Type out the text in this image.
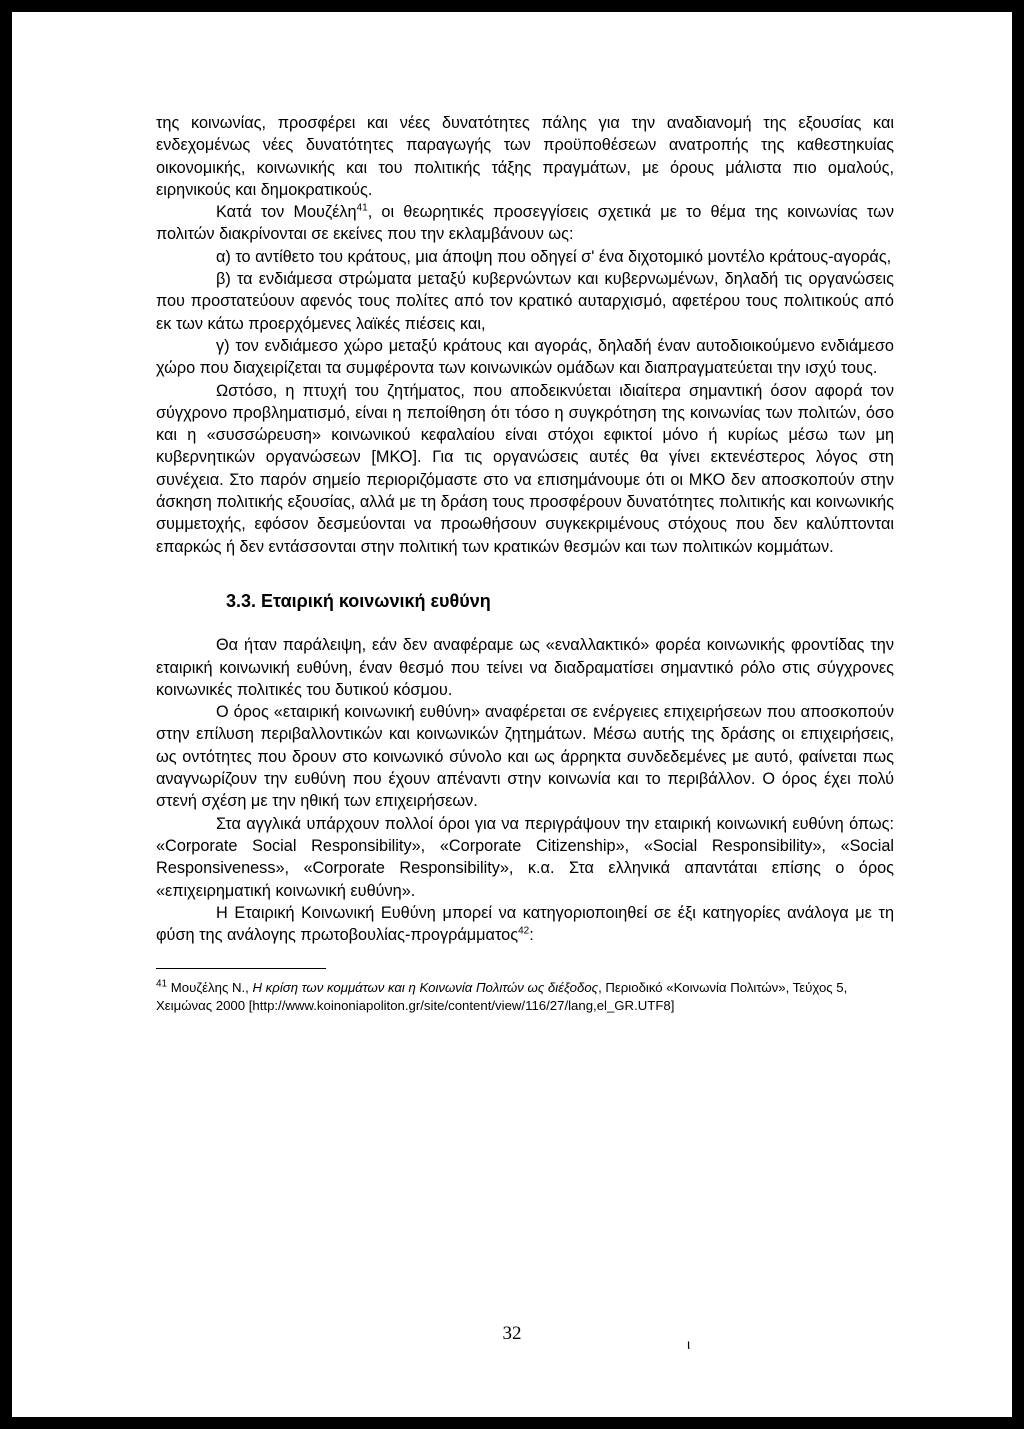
της κοινωνίας, προσφέρει και νέες δυνατότητες πάλης για την αναδιανομή της εξουσίας και ενδεχομένως νέες δυνατότητες παραγωγής των προϋποθέσεων ανατροπής της καθεστηκυίας οικονομικής, κοινωνικής και του πολιτικής τάξης πραγμάτων, με όρους μάλιστα πιο ομαλούς, ειρηνικούς και δημοκρατικούς.

Κατά τον Μουζέλη$^{41}$, οι θεωρητικές προσεγγίσεις σχετικά με το θέμα της κοινωνίας των πολιτών διακρίνονται σε εκείνες που την εκλαμβάνουν ως:

α) το αντίθετο του κράτους, μια άποψη που οδηγεί σ' ένα διχοτομικό μοντέλο κράτους-αγοράς,

β) τα ενδιάμεσα στρώματα μεταξύ κυβερνώντων και κυβερνωμένων, δηλαδή τις οργανώσεις που προστατεύουν αφενός τους πολίτες από τον κρατικό αυταρχισμό, αφετέρου τους πολιτικούς από εκ των κάτω προερχόμενες λαϊκές πιέσεις και,

γ) τον ενδιάμεσο χώρο μεταξύ κράτους και αγοράς, δηλαδή έναν αυτοδιοικούμενο ενδιάμεσο χώρο που διαχειρίζεται τα συμφέροντα των κοινωνικών ομάδων και διαπραγματεύεται την ισχύ τους.

Ωστόσο, η πτυχή του ζητήματος, που αποδεικνύεται ιδιαίτερα σημαντική όσον αφορά τον σύγχρονο προβληματισμό, είναι η πεποίθηση ότι τόσο η συγκρότηση της κοινωνίας των πολιτών, όσο και η «συσσώρευση» κοινωνικού κεφαλαίου είναι στόχοι εφικτοί μόνο ή κυρίως μέσω των μη κυβερνητικών οργανώσεων [ΜΚΟ]. Για τις οργανώσεις αυτές θα γίνει εκτενέστερος λόγος στη συνέχεια. Στο παρόν σημείο περιοριζόμαστε στο να επισημάνουμε ότι οι ΜΚΟ δεν αποσκοπούν στην άσκηση πολιτικής εξουσίας, αλλά με τη δράση τους προσφέρουν δυνατότητες πολιτικής και κοινωνικής συμμετοχής, εφόσον δεσμεύονται να προωθήσουν συγκεκριμένους στόχους που δεν καλύπτονται επαρκώς ή δεν εντάσσονται στην πολιτική των κρατικών θεσμών και των πολιτικών κομμάτων.

3.3. Εταιρική κοινωνική ευθύνη

Θα ήταν παράλειψη, εάν δεν αναφέραμε ως «εναλλακτικό» φορέα κοινωνικής φροντίδας την εταιρική κοινωνική ευθύνη, έναν θεσμό που τείνει να διαδραματίσει σημαντικό ρόλο στις σύγχρονες κοινωνικές πολιτικές του δυτικού κόσμου.

Ο όρος «εταιρική κοινωνική ευθύνη» αναφέρεται σε ενέργειες επιχειρήσεων που αποσκοπούν στην επίλυση περιβαλλοντικών και κοινωνικών ζητημάτων. Μέσω αυτής της δράσης οι επιχειρήσεις, ως οντότητες που δρουν στο κοινωνικό σύνολο και ως άρρηκτα συνδεδεμένες με αυτό, φαίνεται πως αναγνωρίζουν την ευθύνη που έχουν απέναντι στην κοινωνία και το περιβάλλον. Ο όρος έχει πολύ στενή σχέση με την ηθική των επιχειρήσεων.

Στα αγγλικά υπάρχουν πολλοί όροι για να περιγράψουν την εταιρική κοινωνική ευθύνη όπως: «Corporate Social Responsibility», «Corporate Citizenship», «Social Responsibility», «Social Responsiveness», «Corporate Responsibility», κ.α. Στα ελληνικά απαντάται επίσης ο όρος «επιχειρηματική κοινωνική ευθύνη».

Η Εταιρική Κοινωνική Ευθύνη μπορεί να κατηγοριοποιηθεί σε έξι κατηγορίες ανάλογα με τη φύση της ανάλογης πρωτοβουλίας-προγράμματος$^{42}$:

$^{41}$ Μουζέλης Ν., Η κρίση των κομμάτων και η Κοινωνία Πολιτών ως διέξοδος, Περιοδικό «Κοινωνία Πολιτών», Τεύχος 5, Χειμώνας 2000 [http://www.koinoniapoliton.gr/site/content/view/116/27/lang,el_GR.UTF8]

32	ι
